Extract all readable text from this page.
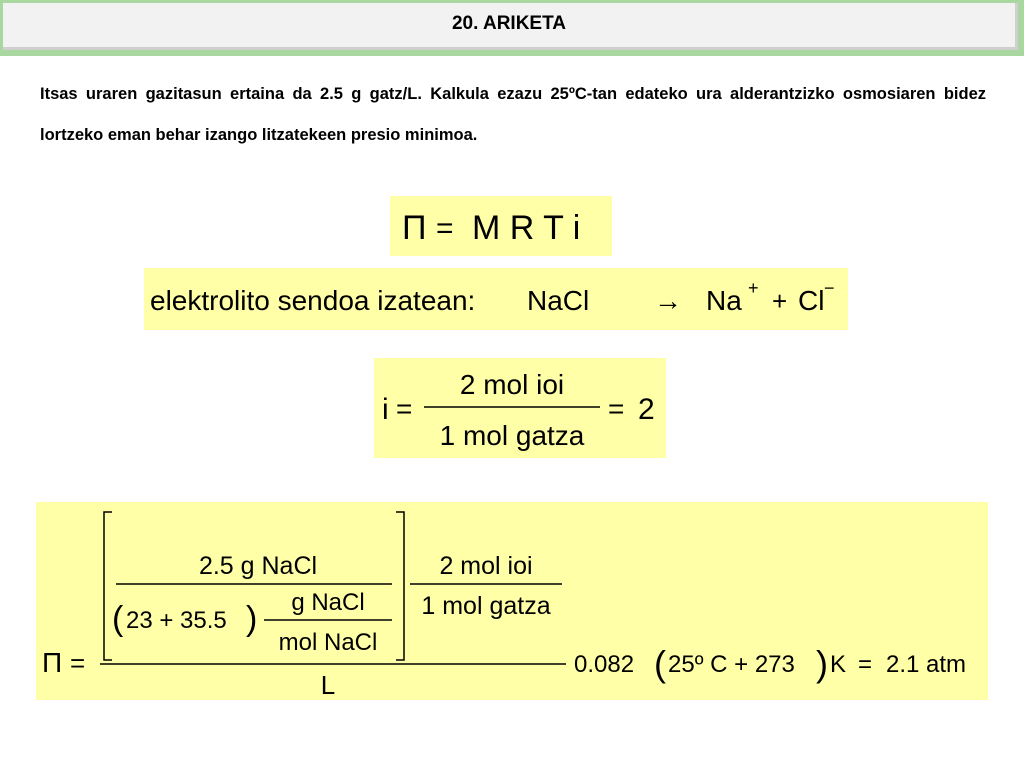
20. ARIKETA
Itsas uraren gazitasun ertaina da 2.5 g gatz/L. Kalkula ezazu 25ºC-tan edateko ura alderantzizko osmosiaren bidez lortzeko eman behar izango litzatekeen presio minimoa.
Π = M R T i
elektrolito sendoa izatean: NaCl → Na + + Cl −
i =
2 mol ioi
1 mol gatza
= 2
Π =
2.5 g NaCl
( 23 + 35.5 ) g NaCl
mol NaCl
2 mol ioi
1 mol gatza
L
0.082 ( 25º C + 273 ) K = 2.1 atm
